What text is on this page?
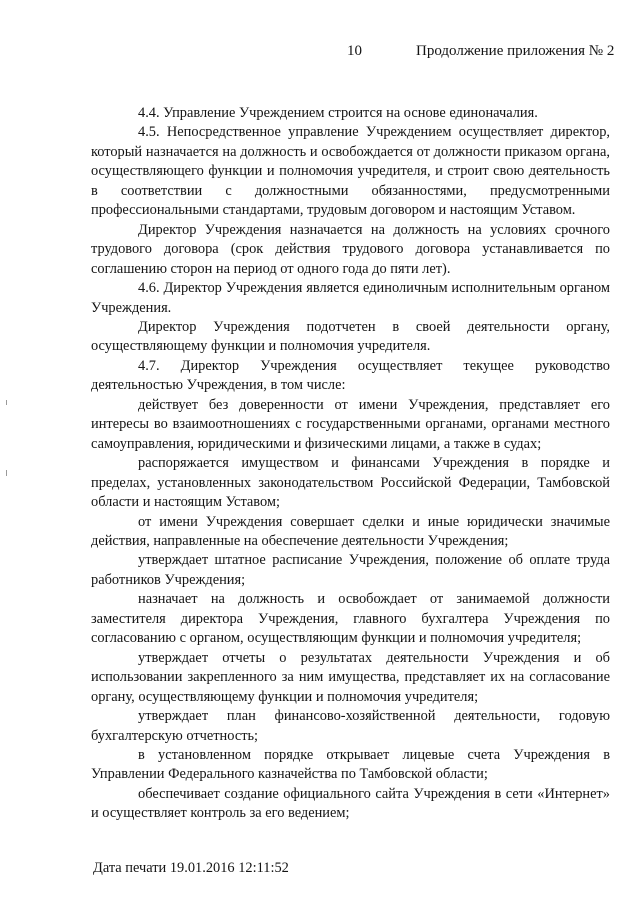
10	Продолжение приложения № 2

4.4. Управление Учреждением строится на основе единоначалия.

4.5. Непосредственное управление Учреждением осуществляет директор, который назначается на должность и освобождается от должности приказом органа, осуществляющего функции и полномочия учредителя, и строит свою деятельность в соответствии с должностными обязанностями, предусмотренными профессиональными стандартами, трудовым договором и настоящим Уставом.

Директор Учреждения назначается на должность на условиях срочного трудового договора (срок действия трудового договора устанавливается по соглашению сторон на период от одного года до пяти лет).

4.6. Директор Учреждения является единоличным исполнительным органом Учреждения.

Директор Учреждения подотчетен в своей деятельности органу, осуществляющему функции и полномочия учредителя.

4.7. Директор Учреждения осуществляет текущее руководство деятельностью Учреждения, в том числе:

действует без доверенности от имени Учреждения, представляет его интересы во взаимоотношениях с государственными органами, органами местного самоуправления, юридическими и физическими лицами, а также в судах;

распоряжается имуществом и финансами Учреждения в порядке и пределах, установленных законодательством Российской Федерации, Тамбовской области и настоящим Уставом;

от имени Учреждения совершает сделки и иные юридически значимые действия, направленные на обеспечение деятельности Учреждения;

утверждает штатное расписание Учреждения, положение об оплате труда работников Учреждения;

назначает на должность и освобождает от занимаемой должности заместителя директора Учреждения, главного бухгалтера Учреждения по согласованию с органом, осуществляющим функции и полномочия учредителя;

утверждает отчеты о результатах деятельности Учреждения и об использовании закрепленного за ним имущества, представляет их на согласование органу, осуществляющему функции и полномочия учредителя;

утверждает план финансово-хозяйственной деятельности, годовую бухгалтерскую отчетность;

в установленном порядке открывает лицевые счета Учреждения в Управлении Федерального казначейства по Тамбовской области;

обеспечивает создание официального сайта Учреждения в сети «Интернет» и осуществляет контроль за его ведением;

Дата печати 19.01.2016 12:11:52
